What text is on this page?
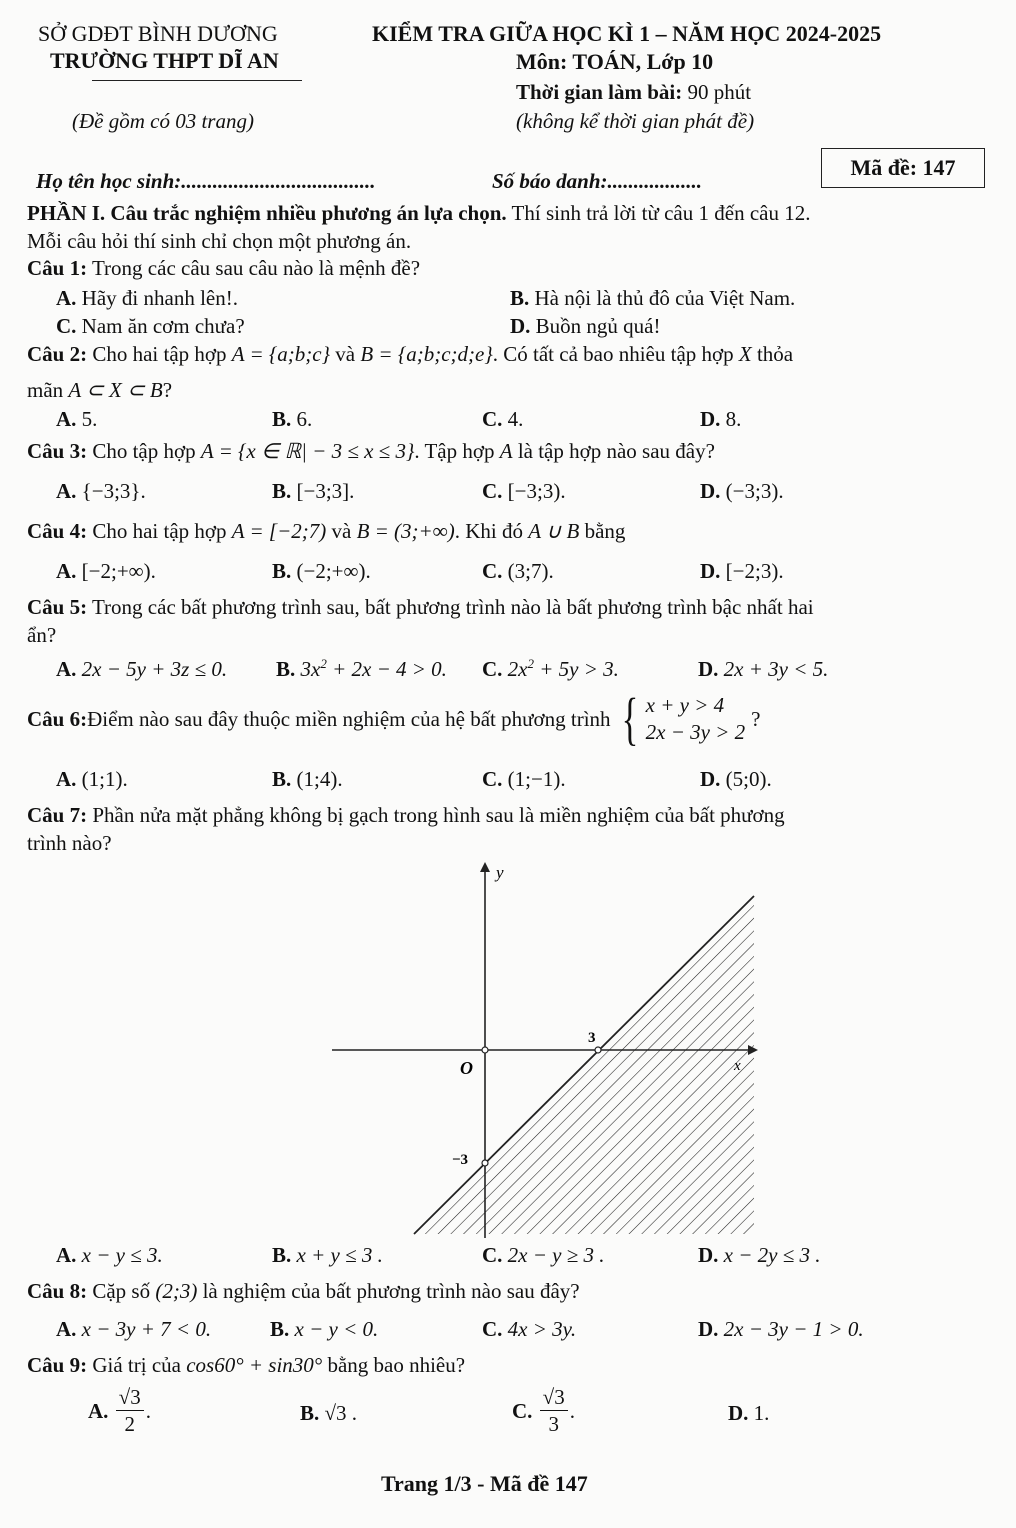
SỞ GDĐT BÌNH DƯƠNG
TRƯỜNG THPT DĨ AN
(Đề gồm có 03 trang)
KIỂM TRA GIỮA HỌC KÌ 1 – NĂM HỌC 2024-2025
Môn: TOÁN, Lớp 10
Thời gian làm bài: 90 phút
(không kể thời gian phát đề)
Họ tên học sinh:.....................................	Số báo danh:..................
Mã đề: 147
PHẦN I. Câu trắc nghiệm nhiều phương án lựa chọn. Thí sinh trả lời từ câu 1 đến câu 12.
Mỗi câu hỏi thí sinh chỉ chọn một phương án.
Câu 1: Trong các câu sau câu nào là mệnh đề?
A. Hãy đi nhanh lên!.	B. Hà nội là thủ đô của Việt Nam.
C. Nam ăn cơm chưa?	D. Buồn ngủ quá!
Câu 2: Cho hai tập hợp A = {a;b;c} và B = {a;b;c;d;e}. Có tất cả bao nhiêu tập hợp X thỏa
mãn A ⊂ X ⊂ B?
A. 5.	B. 6.	C. 4.	D. 8.
Câu 3: Cho tập hợp A = {x ∈ ℝ| − 3 ≤ x ≤ 3}. Tập hợp A là tập hợp nào sau đây?
A. {−3;3}.	B. [−3;3].	C. [−3;3).	D. (−3;3).
Câu 4: Cho hai tập hợp A = [−2;7) và B = (3;+∞). Khi đó A ∪ B bằng
A. [−2;+∞).	B. (−2;+∞).	C. (3;7).	D. [−2;3).
Câu 5: Trong các bất phương trình sau, bất phương trình nào là bất phương trình bậc nhất hai
ẩn?
A. 2x − 5y + 3z ≤ 0. B. $3x^2 + 2x - 4 > 0$. C. $2x^2 + 5y > 3$.	D. 2x + 3y < 5.
Câu 6: Điểm nào sau đây thuộc miền nghiệm của hệ bất phương trình
{ x + y > 4
2x − 3y > 2
?
A. (1;1).	B. (1;4).	C. (1;−1).	D. (5;0).
Câu 7: Phần nửa mặt phẳng không bị gạch trong hình sau là miền nghiệm của bất phương
trình nào?
y
x
O
3
−3
A. x − y ≤ 3.	B. x + y ≤ 3 .	C. 2x − y ≥ 3 .	D. x − 2y ≤ 3 .
Câu 8: Cặp số (2;3) là nghiệm của bất phương trình nào sau đây?
A. x − 3y + 7 < 0.	B. x − y < 0.	C. 4x > 3y.	D. 2x − 3y − 1 > 0.
Câu 9: Giá trị của cos60° + sin30° bằng bao nhiêu?
A.
$\frac{√3}{2}$ .	B. √3 .	C.
$\frac{√3}{3}$ .	D. 1.
Trang 1/3 - Mã đề 147
